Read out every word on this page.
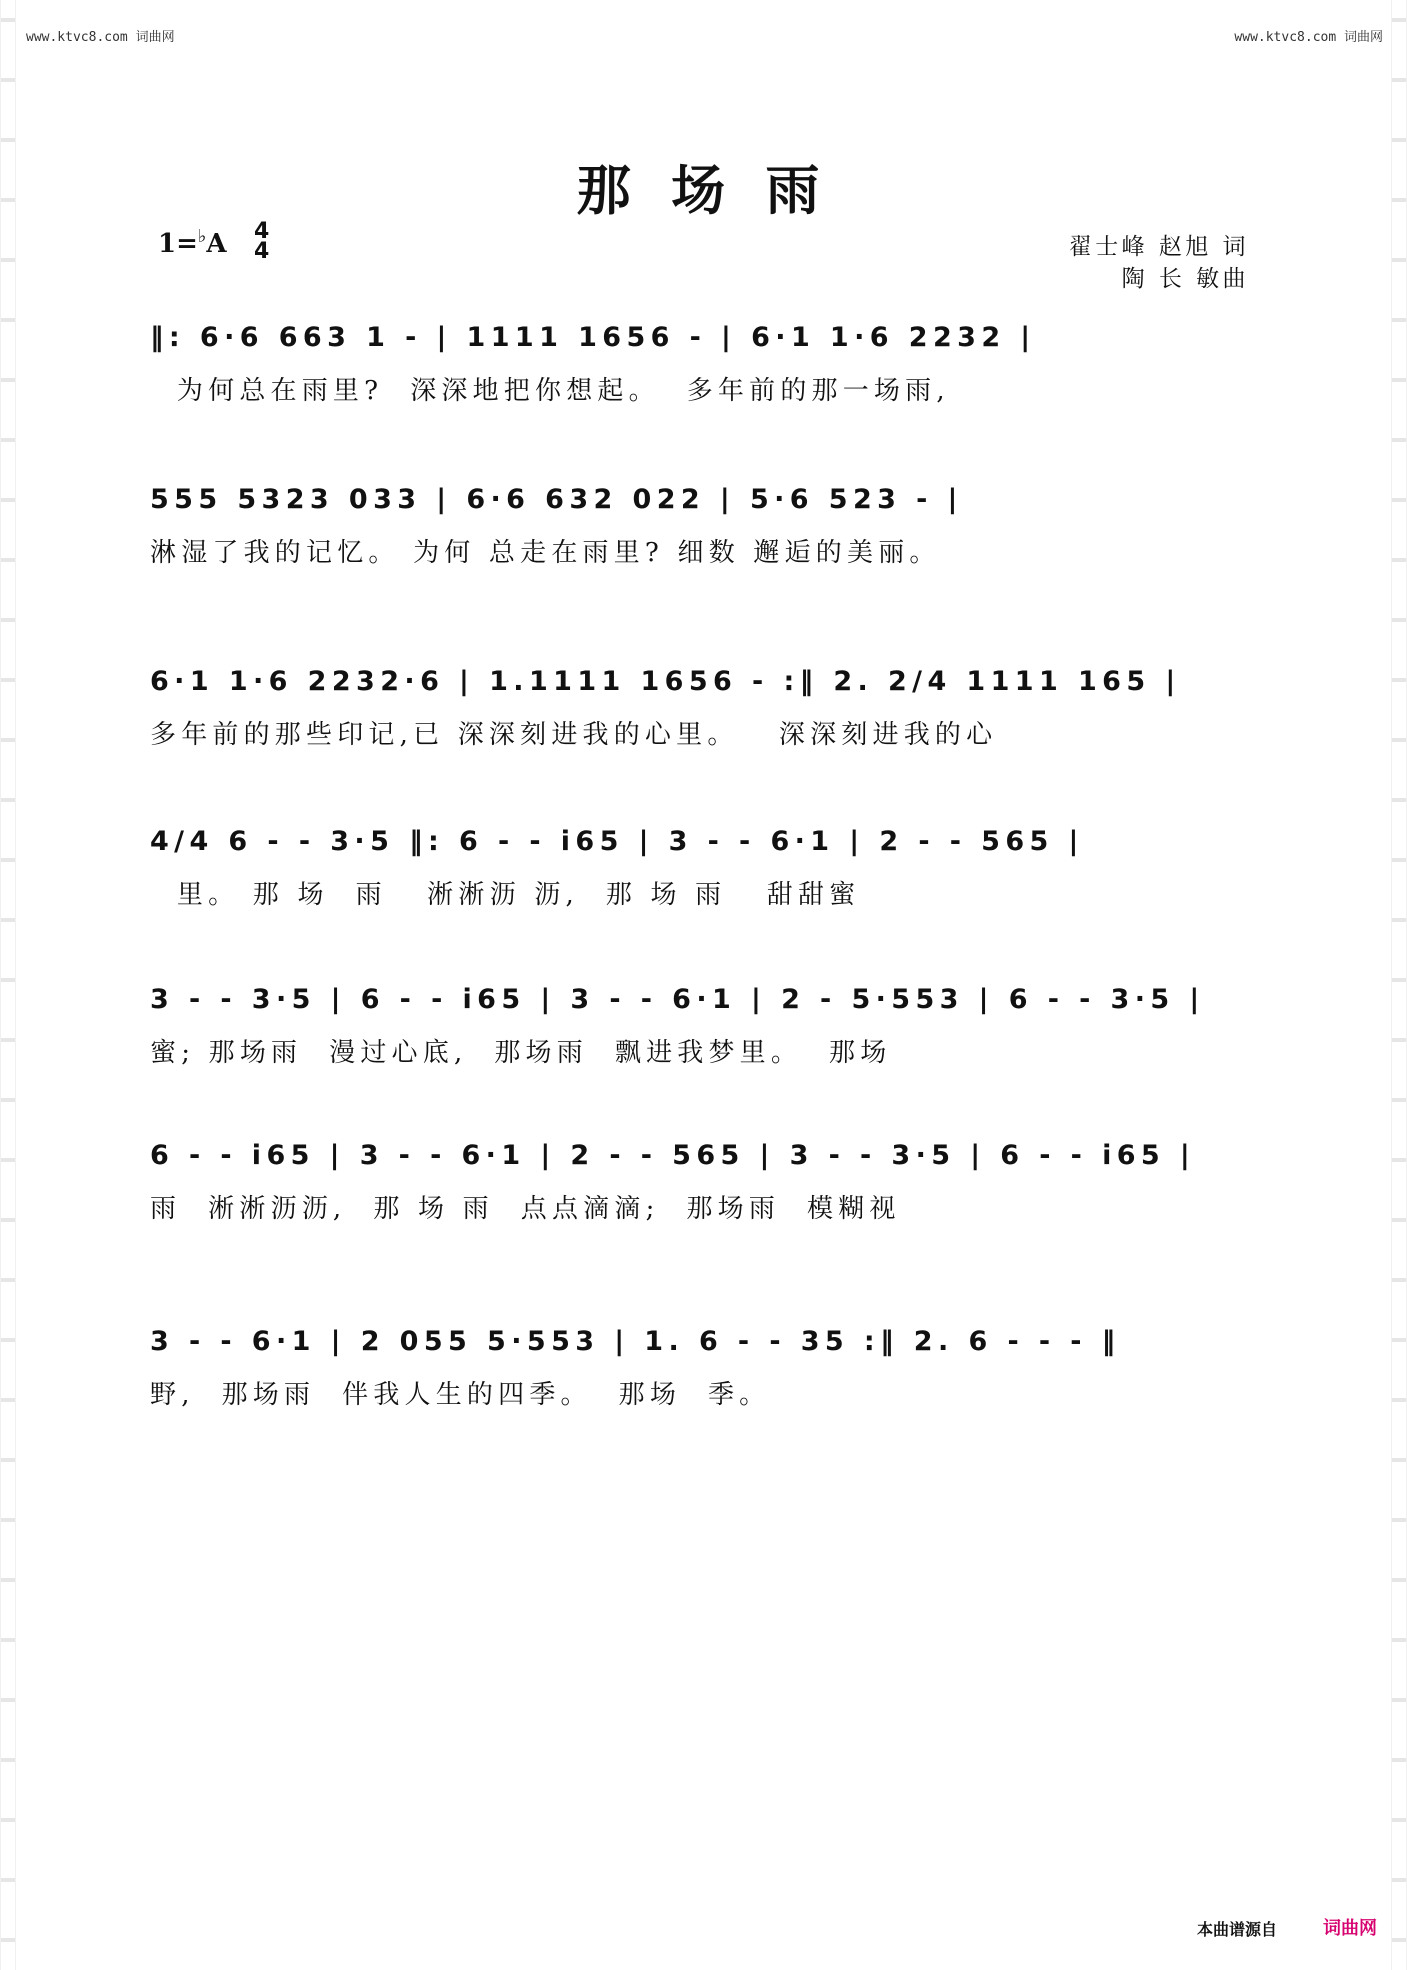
www.ktvc8.com 词曲网	www.ktvc8.com 词曲网
那 场 雨
1=♭A 4
4	翟士峰 赵旭 词
陶 长 敏曲
‖: 6·6 663 1 - | 1111 1656 - | 6·1 1·6 2232 |
为何总在雨里?  深深地把你想起。  多年前的那一场雨,
555 5323 033 | 6·6 632 022 | 5·6 523 - |
淋湿了我的记忆。 为何 总走在雨里? 细数 邂逅的美丽。
6·1 1·6 2232·6 | 1.1111 1656 - :‖ 2. 2/4 1111 165 |
多年前的那些印记,已 深深刻进我的心里。   深深刻进我的心
4/4 6 - - 3·5 ‖: 6 - - i65 | 3 - - 6·1 | 2 - - 565 |
里。 那 场  雨   淅淅沥 沥,  那 场 雨   甜甜蜜
3 - - 3·5 | 6 - - i65 | 3 - - 6·1 | 2 - 5·553 | 6 - - 3·5 |
蜜; 那场雨  漫过心底,  那场雨  飘进我梦里。  那场
6 - - i65 | 3 - - 6·1 | 2 - - 565 | 3 - - 3·5 | 6 - - i65 |
雨  淅淅沥沥,  那 场 雨  点点滴滴;  那场雨  模糊视
3 - - 6·1 | 2 055 5·553 | 1. 6 - - 35 :‖ 2. 6 - - - ‖
野,  那场雨  伴我人生的四季。  那场  季。
本曲谱源自	词曲网
